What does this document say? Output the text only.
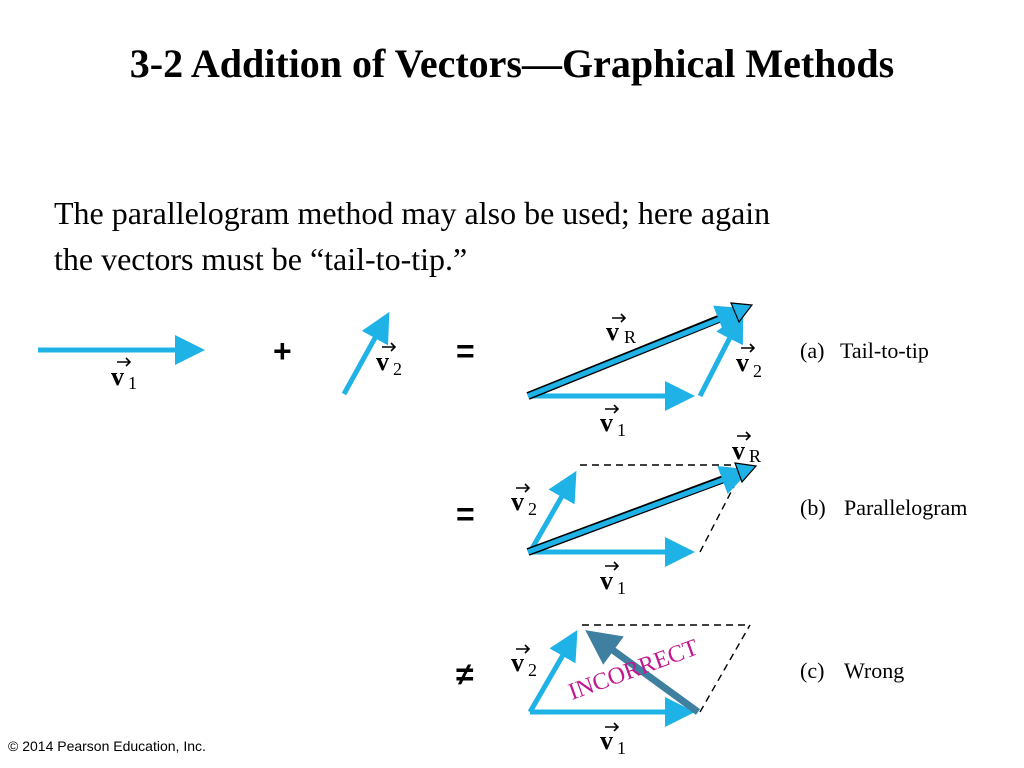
3-2 Addition of Vectors—Graphical Methods
The parallelogram method may also be used; here again
the vectors must be “tail-to-tip.”
v 1
+	v 2 =
v R
v 2
v 1
(a) Tail-to-tip
=
v R
v 2
v 1
(b) Parallelogram
≠ v 2
v 1
INCORRECT	(c) Wrong
© 2014 Pearson Education, Inc.
